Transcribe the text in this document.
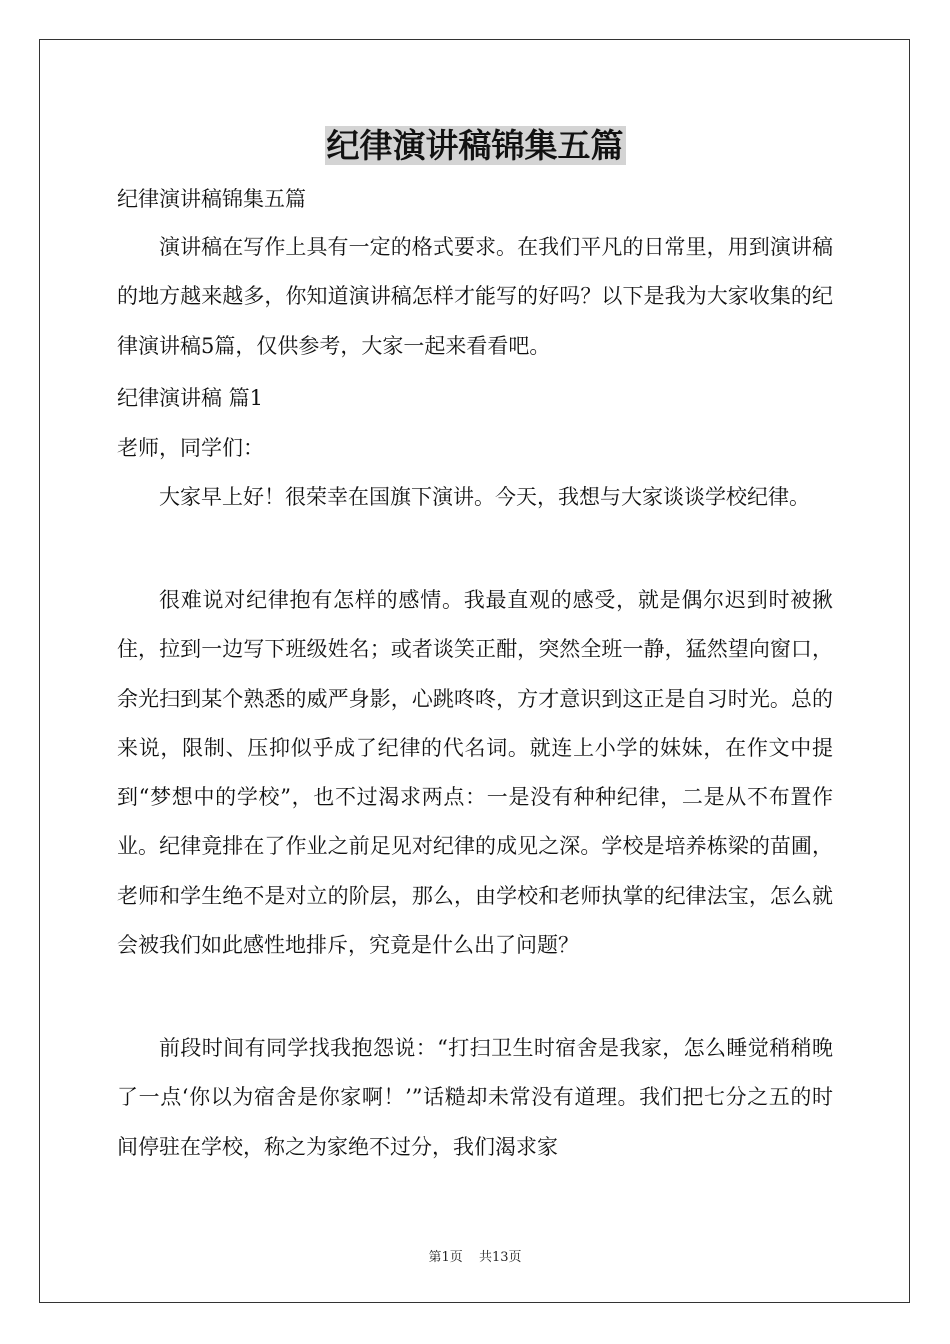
纪律演讲稿锦集五篇
纪律演讲稿锦集五篇

演讲稿在写作上具有一定的格式要求。在我们平凡的日常里，用到演讲稿的地方越来越多，你知道演讲稿怎样才能写的好吗？以下是我为大家收集的纪律演讲稿5篇，仅供参考，大家一起来看看吧。

纪律演讲稿 篇1
老师，同学们：

大家早上好！很荣幸在国旗下演讲。今天，我想与大家谈谈学校纪律。

很难说对纪律抱有怎样的感情。我最直观的感受，就是偶尔迟到时被揪住，拉到一边写下班级姓名；或者谈笑正酣，突然全班一静，猛然望向窗口，余光扫到某个熟悉的威严身影，心跳咚咚，方才意识到这正是自习时光。总的来说，限制、压抑似乎成了纪律的代名词。就连上小学的妹妹，在作文中提到“梦想中的学校”，也不过渴求两点：一是没有种种纪律，二是从不布置作业。纪律竟排在了作业之前足见对纪律的成见之深。学校是培养栋梁的苗圃，老师和学生绝不是对立的阶层，那么，由学校和老师执掌的纪律法宝，怎么就会被我们如此感性地排斥，究竟是什么出了问题？

前段时间有同学找我抱怨说：“打扫卫生时宿舍是我家，怎么睡觉稍稍晚了一点‘你以为宿舍是你家啊！’”话糙却未常没有道理。我们把七分之五的时间停驻在学校，称之为家绝不过分，我们渴求家

第1页 共13页
